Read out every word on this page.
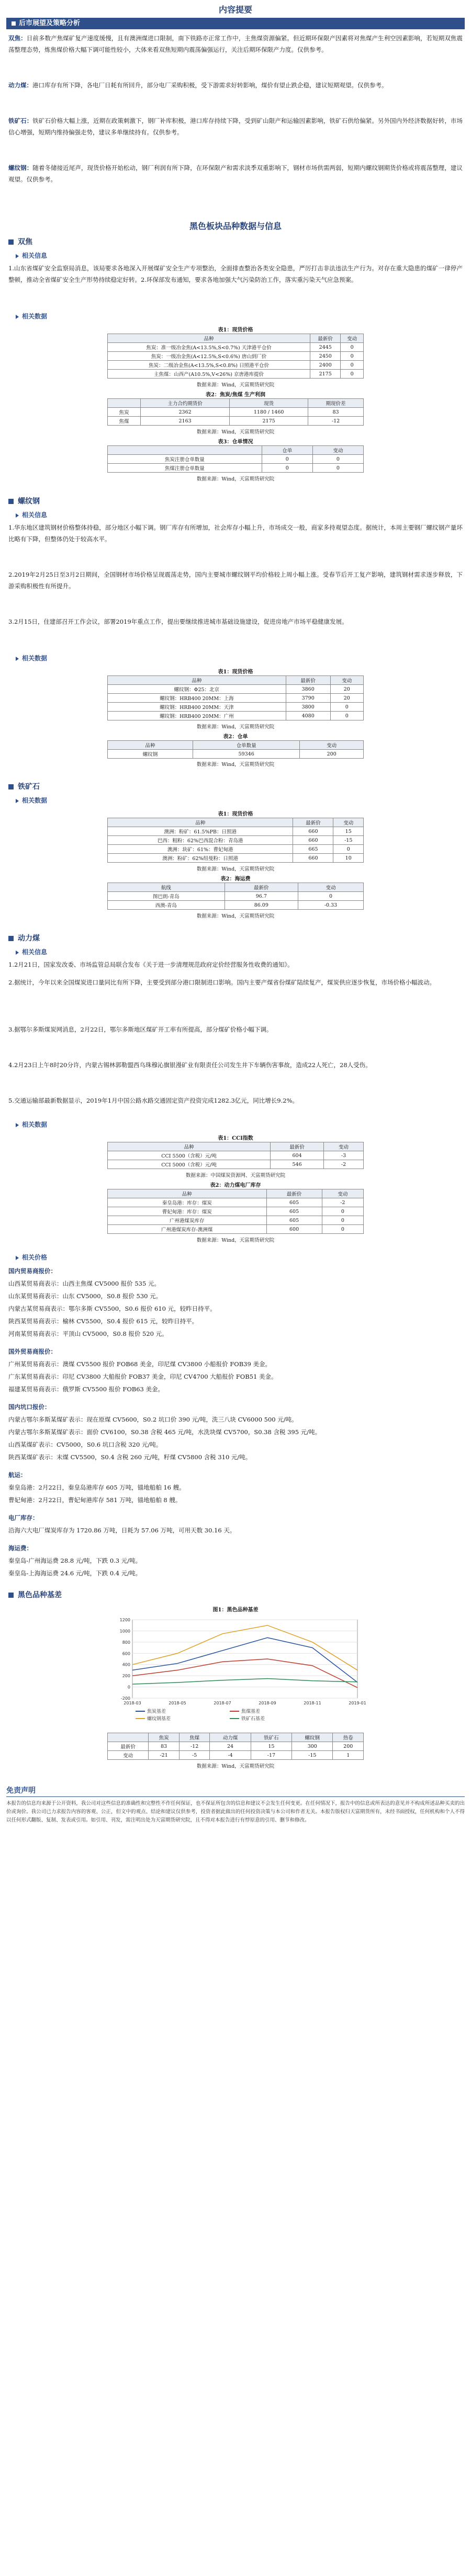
内容提要
后市展望及策略分析
双焦：日前多数产焦煤矿复产速度缓慢，且有澳洲煤进口限制，南下铁路亦正常工作中，主焦煤资源偏紧。但近期环保限产因素将对焦煤产生利空因素影响，若短期双焦震荡整理态势，炼焦煤价格大幅下调可能性较小，大体来看双焦短期内震荡偏强运行，关注后期环保限产力度。仅供参考。
动力煤：港口库存有所下降，各电厂日耗有所回升，部分电厂采购积极，受下游需求好转影响，煤价有望止跌企稳，建议短期观望。仅供参考。
铁矿石：铁矿石价格大幅上涨，近期在政策刺激下，钢厂补库积极，港口库存持续下降，受到矿山限产和运输因素影响，铁矿石供给偏紧。另外国内外经济数据好转，市场信心增强，短期内维持偏强走势，建议多单继续持有。仅供参考。
螺纹钢：随着冬储接近尾声，现货价格开始松动，钢厂利润有所下降，在环保限产和需求淡季双重影响下，钢材市场供需两弱，短期内螺纹钢期货价格或将震荡整理，建议观望。仅供参考。
黑色板块品种数据与信息
双焦
相关信息
1.山东省煤矿安全监察局消息，该局要求各地深入开展煤矿安全生产专项整治，全面排查整治各类安全隐患，严厉打击非法违法生产行为。对存在重大隐患的煤矿一律停产整顿，推动全省煤矿安全生产形势持续稳定好转。2.环保部发布通知，要求各地加强大气污染防治工作，落实重污染天气应急预案。
相关数据
表1：现货价格
品种	最新价	变动
焦炭：准一级冶金焦(A<13.5%,S<0.7%) 天津港平仓价	2445	0
焦炭：一级冶金焦(A<12.5%,S<0.6%) 唐山到厂价	2450	0
焦炭：二级冶金焦(A<13.5%,S<0.8%) 日照港平仓价	2400	0
主焦煤：山西产(A10.5%,V<26%) 京唐港库提价	2175	0
数据来源：Wind，天富期货研究院
表2：焦炭/焦煤 生产利润
	主力合约期货价	现货	期现价差
焦炭	2362	1180 / 1460	83
焦煤	2163	2175	-12
数据来源：Wind，天富期货研究院
表3：仓单情况
	仓单	变动
焦炭注册仓单数量	0	0
焦煤注册仓单数量	0	0
数据来源：Wind，天富期货研究院
螺纹钢
相关信息
1.华东地区建筑钢材价格整体持稳，部分地区小幅下调。钢厂库存有所增加，社会库存小幅上升，市场成交一般，商家多持观望态度。据统计，本周主要钢厂螺纹钢产量环比略有下降，但整体仍处于较高水平。
2.2019年2月25日至3月2日期间，全国钢材市场价格呈现震荡走势，国内主要城市螺纹钢平均价格较上周小幅上涨。受春节后开工复产影响，建筑钢材需求逐步释放，下游采购积极性有所提升。
3.2月15日，住建部召开工作会议，部署2019年重点工作，提出要继续推进城市基础设施建设，促进房地产市场平稳健康发展。
相关数据
表1：现货价格
品种	最新价	变动
螺纹钢：Φ25：北京	3860	20
螺纹钢：HRB400 20MM：上海	3790	20
螺纹钢：HRB400 20MM：天津	3800	0
螺纹钢：HRB400 20MM：广州	4080	0
数据来源：Wind，天富期货研究院
表2：仓单
品种	仓单数量	变动
螺纹钢	59346	200
数据来源：Wind，天富期货研究院
铁矿石
相关数据
表1：现货价格
品种	最新价	变动
澳洲：粉矿：61.5%PB：日照港	660	15
巴西：粗粉：62%巴西混合粉：青岛港	660	-15
澳洲：块矿：61%：曹妃甸港	665	0
澳洲：粉矿：62%纽曼粉：日照港	660	10
数据来源：Wind，天富期货研究院
表2：海运费
航线	最新价	变动
图巴朗-青岛	96.7	0
西澳-青岛	86.09	-0.33
数据来源：Wind，天富期货研究院
动力煤
相关信息
1.2月21日，国家发改委、市场监管总局联合发布《关于进一步清理规范政府定价经营服务性收费的通知》。
2.据统计，今年以来全国煤炭进口量同比有所下降，主要受到部分港口限制进口影响。国内主要产煤省份煤矿陆续复产，煤炭供应逐步恢复，市场价格小幅波动。
3.据鄂尔多斯煤炭网消息，2月22日，鄂尔多斯地区煤矿开工率有所提高，部分煤矿价格小幅下调。
4.2月23日上午8时20分许，内蒙古锡林郭勒盟西乌珠穆沁旗银漫矿业有限责任公司发生井下车辆伤害事故，造成22人死亡，28人受伤。
5.交通运输部最新数据显示，2019年1月中国公路水路交通固定资产投资完成1282.3亿元，同比增长9.2%。
相关数据
表1：CCI指数
品种	最新价	变动
CCI 5500（含税）元/吨	604	-3
CCI 5000（含税）元/吨	546	-2
数据来源：中国煤炭资源网、天富期货研究院
表2：动力煤电厂库存
品种	最新价	变动
秦皇岛港：库存：煤炭	605	-2
曹妃甸港：库存：煤炭	605	0
广州港煤炭库存	605	0
广州港煤炭库存-澳洲煤	600	0
数据来源：Wind，天富期货研究院
相关价格
国内贸易商报价：
山西某贸易商表示：山西主焦煤 CV5000 报价 535 元。
山东某贸易商表示：山东 CV5000，S0.8 报价 530 元。
内蒙古某贸易商表示：鄂尔多斯 CV5500，S0.6 报价 610 元，较昨日持平。
陕西某贸易商表示：榆林 CV5500，S0.4 报价 615 元，较昨日持平。
河南某贸易商表示：平顶山 CV5000，S0.8 报价 520 元。
国外贸易商报价：
广州某贸易商表示：澳煤 CV5500 报价 FOB68 美金，印尼煤 CV3800 小船报价 FOB39 美金。
广东某贸易商表示：印尼 CV3800 大船报价 FOB37 美金，印尼 CV4700 大船报价 FOB51 美金。
福建某贸易商表示：俄罗斯 CV5500 报价 FOB63 美金。
国内坑口报价：
内蒙古鄂尔多斯某煤矿表示：现在原煤 CV5600，S0.2 坑口价 390 元/吨，洗三八块 CV6000 500 元/吨。
内蒙古鄂尔多斯某煤矿表示：面价 CV6100，S0.38 含税 465 元/吨，水洗块煤 CV5700，S0.38 含税 395 元/吨。
山西某煤矿表示：CV5000，S0.6 坑口含税 320 元/吨。
陕西某煤矿表示：末煤 CV5500，S0.4 含税 260 元/吨，籽煤 CV5800 含税 310 元/吨。
航运：
秦皇岛港：2月22日，秦皇岛港库存 605 万吨，锚地船舶 16 艘。
曹妃甸港：2月22日，曹妃甸港库存 581 万吨，锚地船舶 8 艘。
电厂库存：
沿海六大电厂煤炭库存为 1720.86 万吨，日耗为 57.06 万吨，可用天数 30.16 天。
海运费：
秦皇岛-广州海运费 28.8 元/吨，下跌 0.3 元/吨。
秦皇岛-上海海运费 24.6 元/吨，下跌 0.4 元/吨。
黑色品种基差
图1：黑色品种基差
-200
0
200
400
600
800
1000
1200
2018-03	2018-05	2018-07	2018-09	2018-11	2019-01
焦炭基差	焦煤基差
螺纹钢基差	铁矿石基差
	焦炭	焦煤	动力煤	铁矿石	螺纹钢	热卷
最新价	83	-12	24	15	300	200
变动	-21	-5	-4	-17	-15	1
数据来源：Wind，天富期货研究院
免责声明
本报告的信息均来源于公开资料，我公司对这些信息的准确性和完整性不作任何保证，也不保证所包含的信息和建议不会发生任何变更。在任何情况下，报告中的信息或所表达的意见并不构成所述品种买卖的出价或询价。我公司已力求报告内容的客观、公正，但文中的观点、结论和建议仅供参考，投资者据此做出的任何投资决策与本公司和作者无关。本报告版权归天富期货所有，未经书面授权，任何机构和个人不得以任何形式翻版、复制、发表或引用。如引用、刊发，需注明出处为天富期货研究院，且不得对本报告进行有悖原意的引用、删节和修改。
